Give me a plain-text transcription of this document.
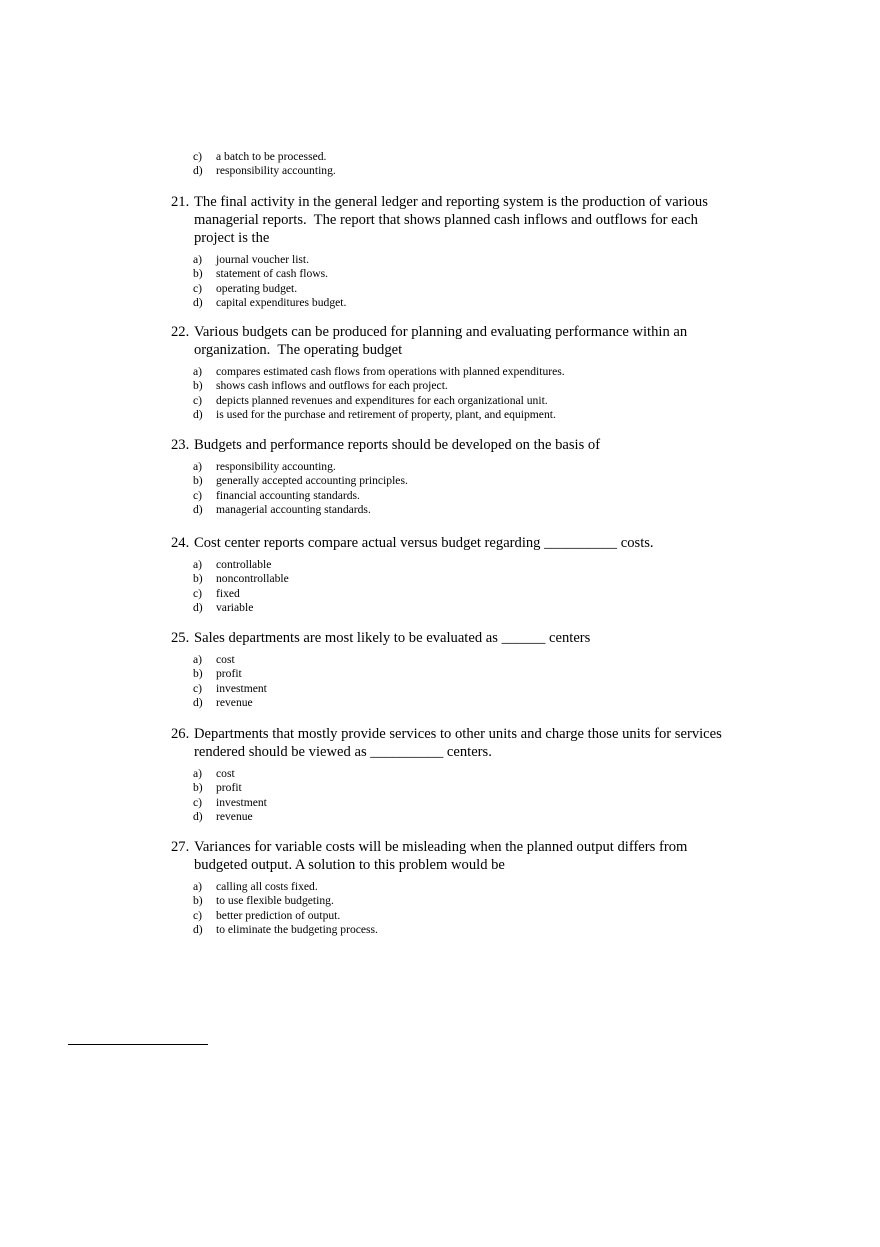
c)	a batch to be processed.
d)	responsibility accounting.
21. The final activity in the general ledger and reporting system is the production of various managerial reports.  The report that shows planned cash inflows and outflows for each project is the
a)	journal voucher list.
b)	statement of cash flows.
c)	operating budget.
d)	capital expenditures budget.
22. Various budgets can be produced for planning and evaluating performance within an organization.  The operating budget
a)	compares estimated cash flows from operations with planned expenditures.
b)	shows cash inflows and outflows for each project.
c)	depicts planned revenues and expenditures for each organizational unit.
d)	is used for the purchase and retirement of property, plant, and equipment.
23. Budgets and performance reports should be developed on the basis of
a)	responsibility accounting.
b)	generally accepted accounting principles.
c)	financial accounting standards.
d)	managerial accounting standards.
24. Cost center reports compare actual versus budget regarding __________ costs.
a)	controllable
b)	noncontrollable
c)	fixed
d)	variable
25. Sales departments are most likely to be evaluated as ______ centers
a)	cost
b)	profit
c)	investment
d)	revenue
26. Departments that mostly provide services to other units and charge those units for services rendered should be viewed as __________ centers.
a)	cost
b)	profit
c)	investment
d)	revenue
27. Variances for variable costs will be misleading when the planned output differs from budgeted output. A solution to this problem would be
a)	calling all costs fixed.
b)	to use flexible budgeting.
c)	better prediction of output.
d)	to eliminate the budgeting process.
